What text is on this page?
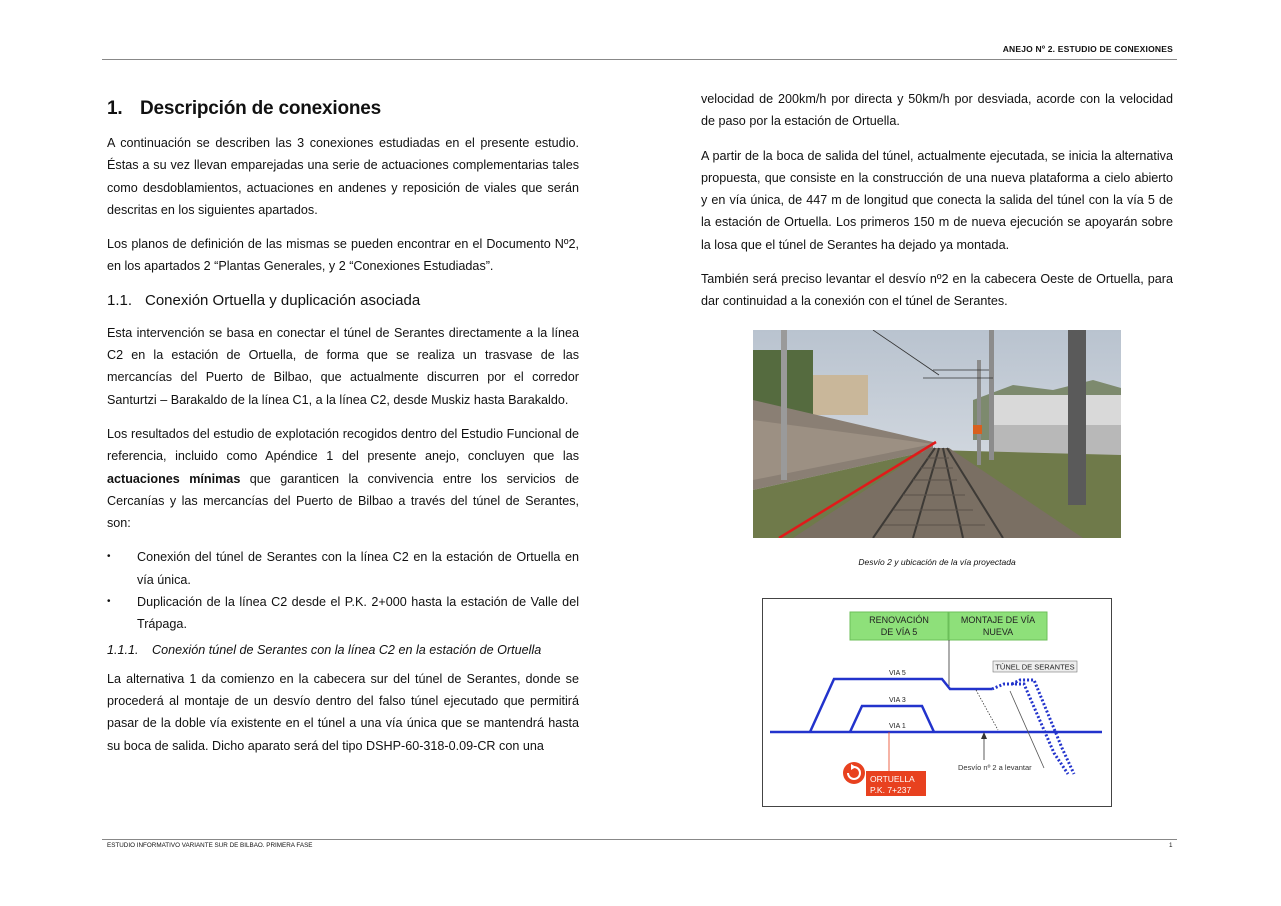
ANEJO Nº 2. ESTUDIO DE CONEXIONES
1. Descripción de conexiones

A continuación se describen las 3 conexiones estudiadas en el presente estudio. Éstas a su vez llevan emparejadas una serie de actuaciones complementarias tales como desdoblamientos, actuaciones en andenes y reposición de viales que serán descritas en los siguientes apartados.

Los planos de definición de las mismas se pueden encontrar en el Documento Nº2, en los apartados 2 “Plantas Generales, y 2 “Conexiones Estudiadas”.

1.1. Conexión Ortuella y duplicación asociada

Esta intervención se basa en conectar el túnel de Serantes directamente a la línea C2 en la estación de Ortuella, de forma que se realiza un trasvase de las mercancías del Puerto de Bilbao, que actualmente discurren por el corredor Santurtzi – Barakaldo de la línea C1, a la línea C2, desde Muskiz hasta Barakaldo.

Los resultados del estudio de explotación recogidos dentro del Estudio Funcional de referencia, incluido como Apéndice 1 del presente anejo, concluyen que las actuaciones mínimas que garanticen la convivencia entre los servicios de Cercanías y las mercancías del Puerto de Bilbao a través del túnel de Serantes, son:

• Conexión del túnel de Serantes con la línea C2 en la estación de Ortuella en vía única.
• Duplicación de la línea C2 desde el P.K. 2+000 hasta la estación de Valle del Trápaga.
1.1.1. Conexión túnel de Serantes con la línea C2 en la estación de Ortuella

La alternativa 1 da comienzo en la cabecera sur del túnel de Serantes, donde se procederá al montaje de un desvío dentro del falso túnel ejecutado que permitirá pasar de la doble vía existente en el túnel a una vía única que se mantendrá hasta su boca de salida. Dicho aparato será del tipo DSHP-60-318-0.09-CR con una

velocidad de 200km/h por directa y 50km/h por desviada, acorde con la velocidad de paso por la estación de Ortuella.

A partir de la boca de salida del túnel, actualmente ejecutada, se inicia la alternativa propuesta, que consiste en la construcción de una nueva plataforma a cielo abierto y en vía única, de 447 m de longitud que conecta la salida del túnel con la vía 5 de la estación de Ortuella. Los primeros 150 m de nueva ejecución se apoyarán sobre la losa que el túnel de Serantes ha dejado ya montada.

También será preciso levantar el desvío nº2 en la cabecera Oeste de Ortuella, para dar continuidad a la conexión con el túnel de Serantes.

Desvío 2 y ubicación de la vía proyectada
RENOVACIÓN
DE VÍA 5
MONTAJE DE VÍA
NUEVA
TÚNEL DE SERANTES
VIA 5
VIA 3
VIA 1
Desvío nº 2 a levantar
ORTUELLA
P.K. 7+237
ESTUDIO INFORMATIVO VARIANTE SUR DE BILBAO. PRIMERA FASE	1
